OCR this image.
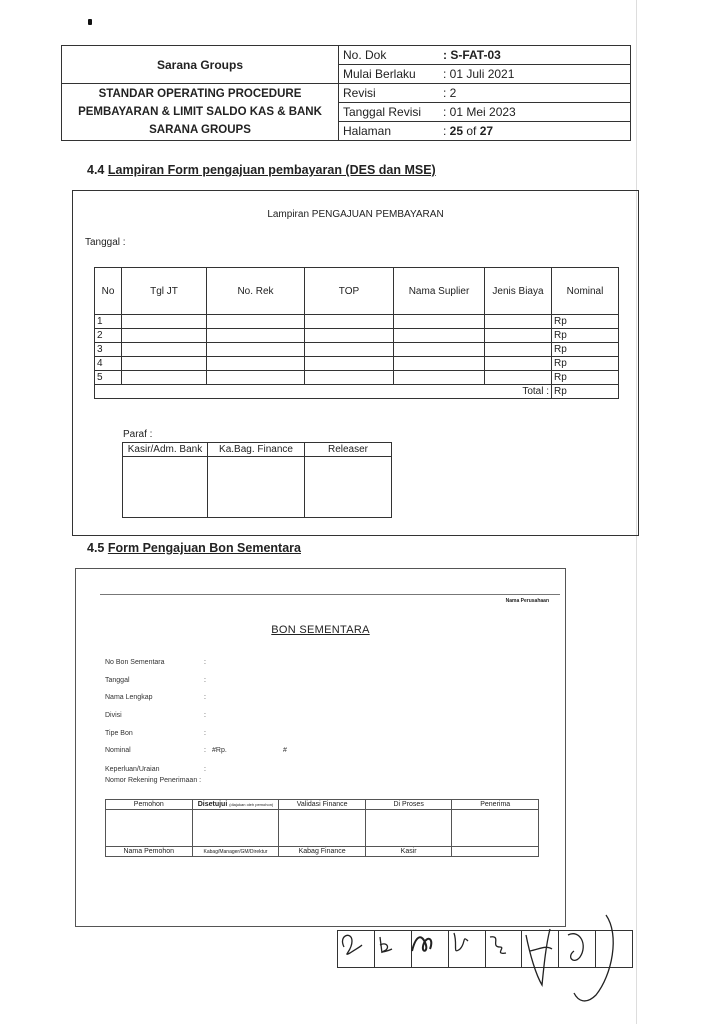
Sarana Groups	No. Dok	: S-FAT-03
	Mulai Berlaku	: 01 Juli 2021

STANDAR OPERATING PROCEDURE
PEMBAYARAN & LIMIT SALDO KAS & BANK
SARANA GROUPS	Revisi	: 2
	Tanggal Revisi	: 01 Mei 2023
	Halaman	: 25 of 27
4.4 Lampiran Form pengajuan pembayaran (DES dan MSE)
Lampiran PENGAJUAN PEMBAYARAN
Tanggal :
No	Tgl JT	No. Rek	TOP	Nama Suplier	Jenis Biaya	Nominal
1						Rp
2						Rp
3						Rp
4						Rp
5						Rp
Total :						Rp
Paraf :
Kasir/Adm. Bank	Ka.Bag. Finance	Releaser

4.5 Form Pengajuan Bon Sementara
Nama Perusahaan
BON SEMENTARA
No Bon Sementara	:
Tanggal	:
Nama Lengkap	:
Divisi	:
Tipe Bon	:
Nominal	: #Rp.	#
Keperluan/Uraian	:
Nomor Rekening Penerimaan :
Pemohon	Disetujui (diajukan oleh pemohon)	Validasi Finance	Di Proses	Penerima

Nama Pemohon	Kabag/Manager/GM/Direktur	Kabag Finance	Kasir	
